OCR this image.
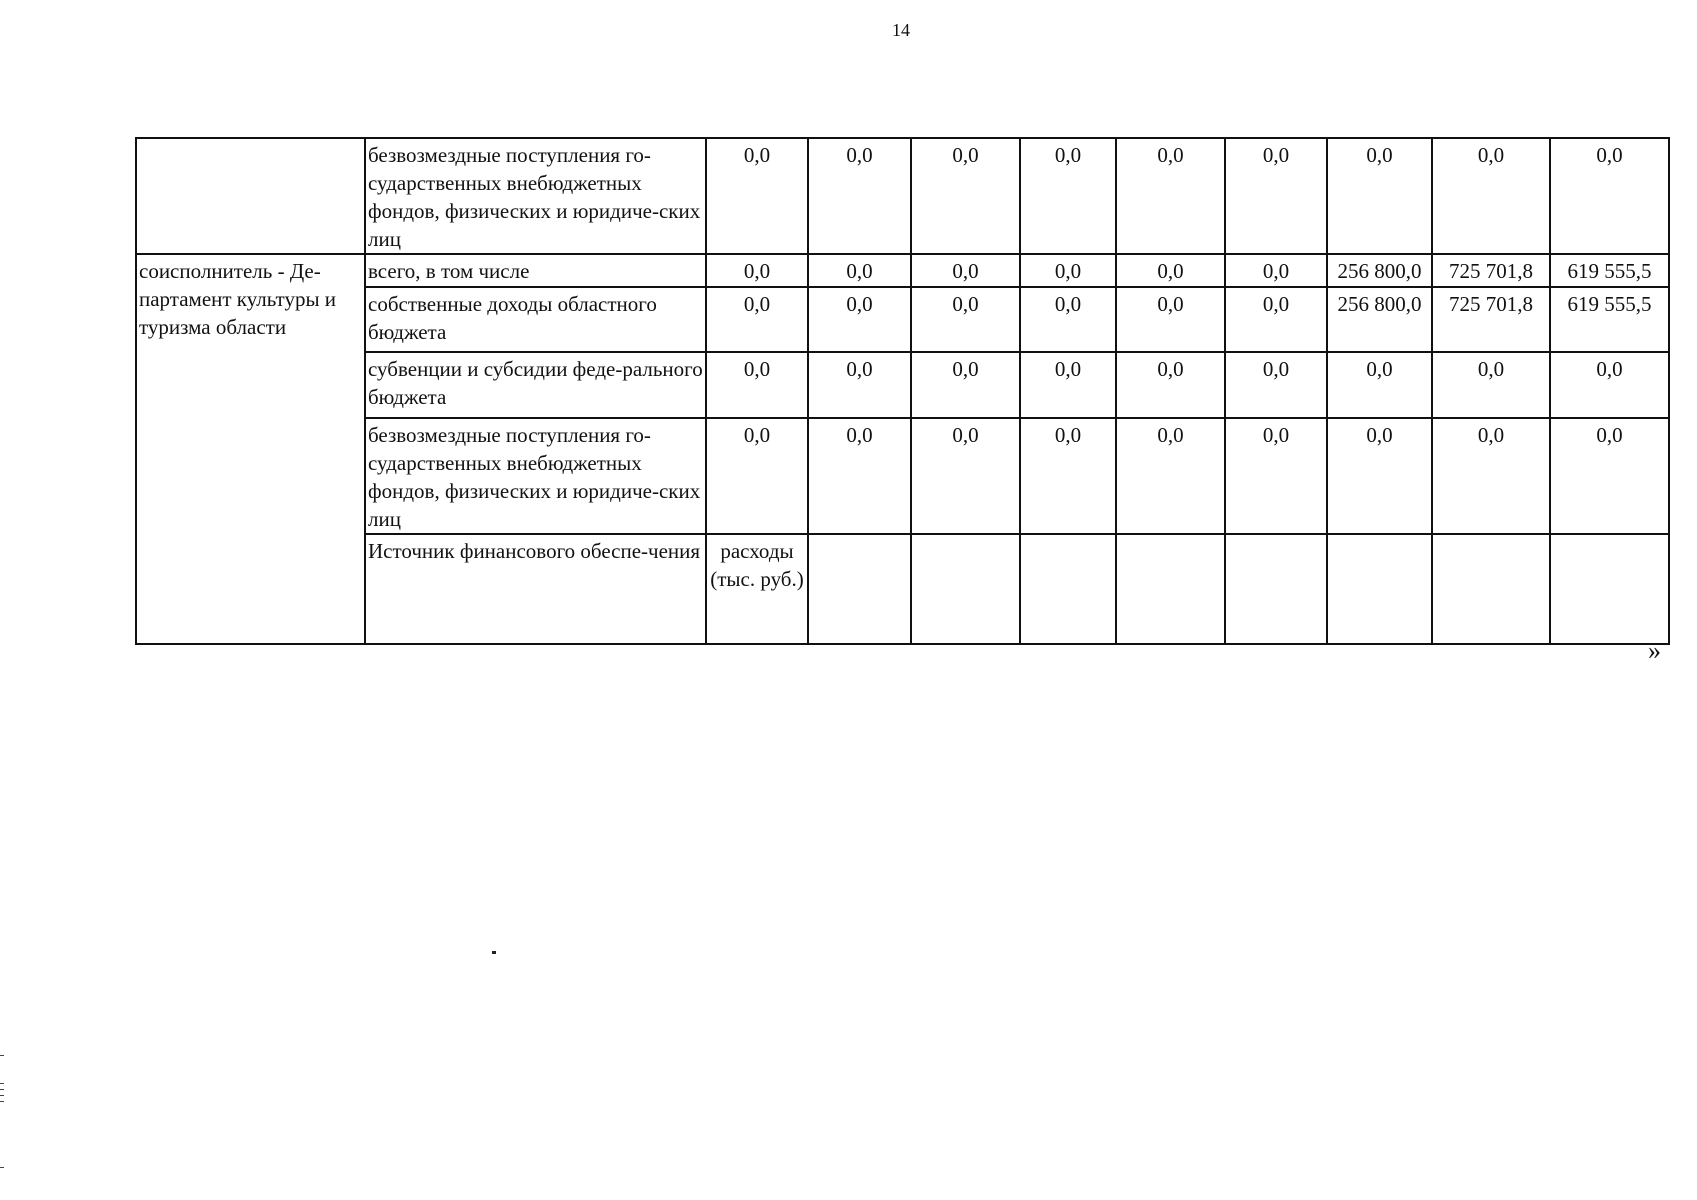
14
	безвозмездные поступления го-сударственных внебюджетных фондов, физических и юридиче-ских лиц	0,0	0,0	0,0	0,0	0,0	0,0	0,0	0,0	0,0
соисполнитель - Де-партамент культуры и туризма области	всего, в том числе	0,0	0,0	0,0	0,0	0,0	0,0	256 800,0	725 701,8	619 555,5
	собственные доходы областного бюджета	0,0	0,0	0,0	0,0	0,0	0,0	256 800,0	725 701,8	619 555,5
	субвенции и субсидии феде-рального бюджета	0,0	0,0	0,0	0,0	0,0	0,0	0,0	0,0	0,0
	безвозмездные поступления го-сударственных внебюджетных фондов, физических и юридиче-ских лиц	0,0	0,0	0,0	0,0	0,0	0,0	0,0	0,0	0,0
	Источник финансового обеспе-чения	расходы (тыс. руб.)								
»
